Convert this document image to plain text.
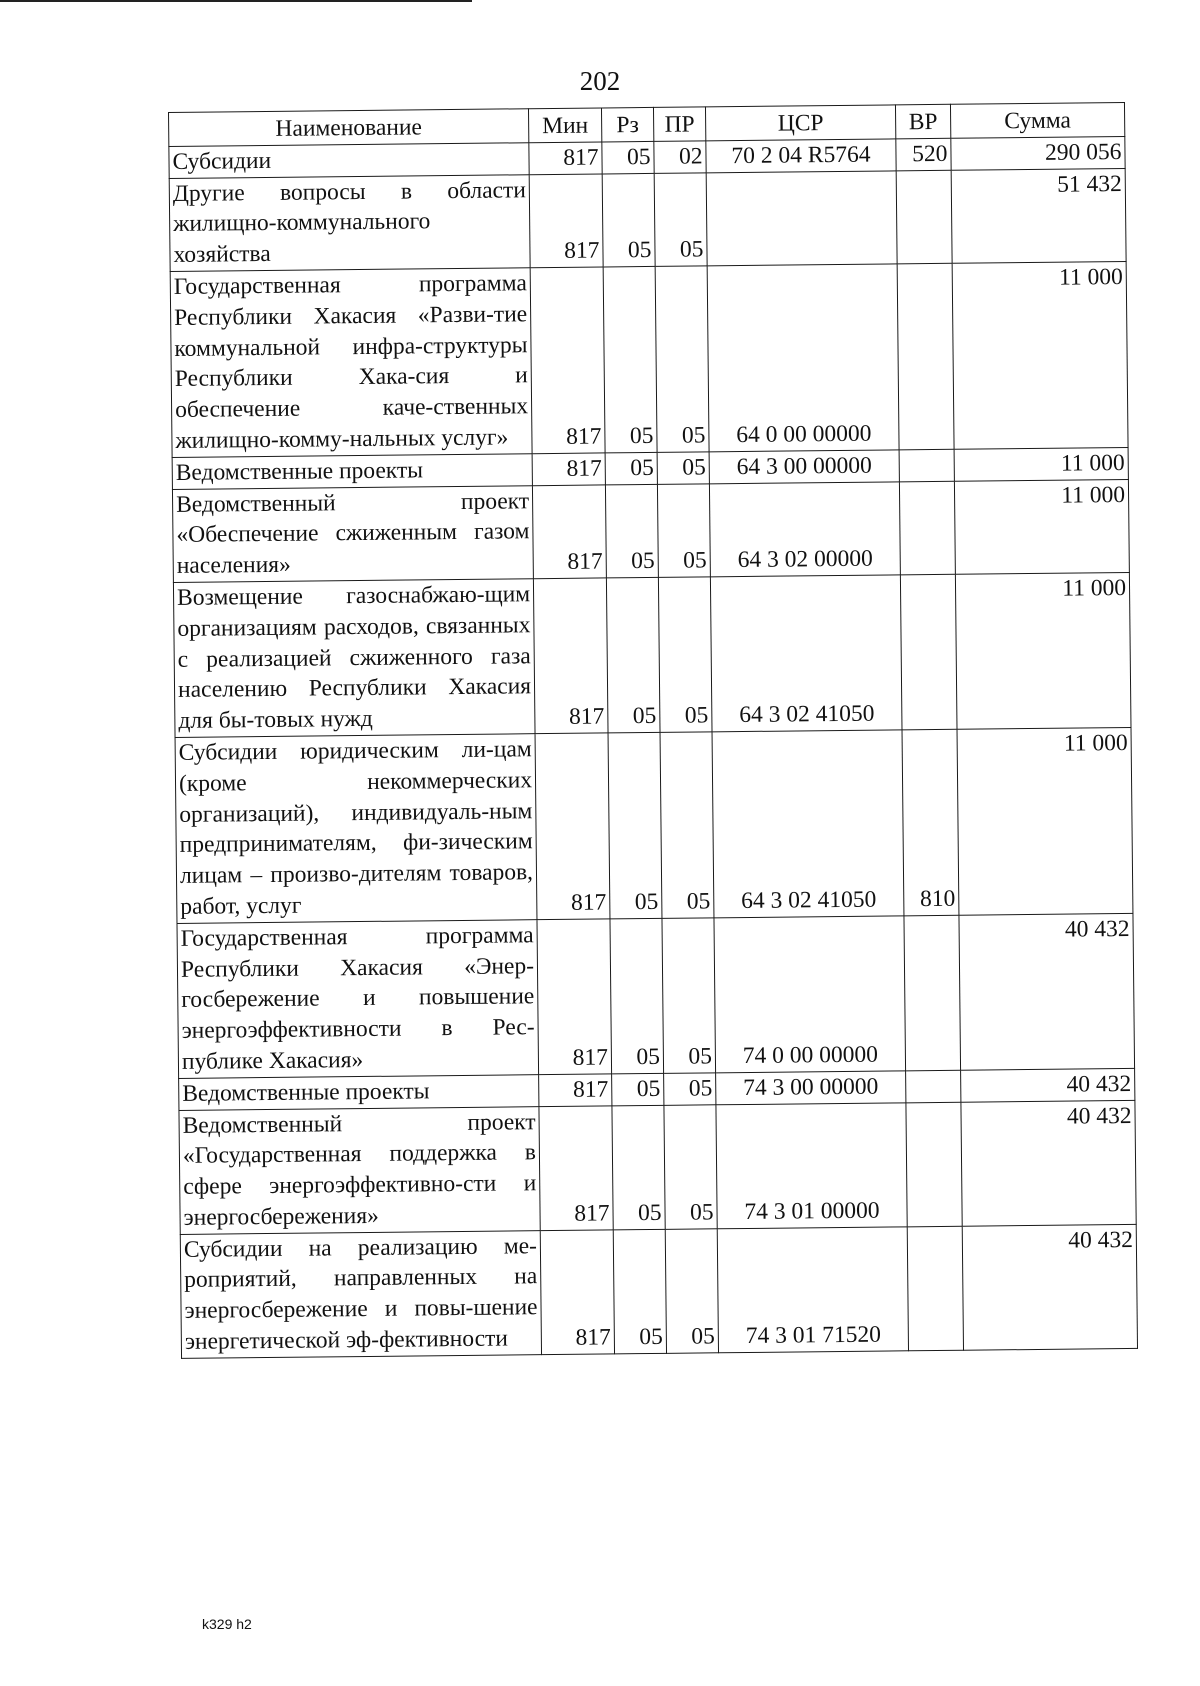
202
Наименование	Мин	Рз	ПР	ЦСР	ВР	Сумма
Субсидии	817	05	02	70 2 04 R5764	520	290 056
Другие вопросы в области жилищно-коммунального хозяйства	817	05	05			51 432
Государственная программа Республики Хакасия «Разви-тие коммунальной инфра-структуры Республики Хака-сия и обеспечение каче-ственных жилищно-комму-нальных услуг»	817	05	05	64 0 00 00000		11 000
Ведомственные проекты	817	05	05	64 3 00 00000		11 000
Ведомственный проект «Обеспечение сжиженным газом населения»	817	05	05	64 3 02 00000		11 000
Возмещение газоснабжаю-щим организациям расходов, связанных с реализацией сжиженного газа населению Республики Хакасия для бы-товых нужд	817	05	05	64 3 02 41050		11 000
Субсидии юридическим ли-цам (кроме некоммерческих организаций), индивидуаль-ным предпринимателям, фи-зическим лицам – произво-дителям товаров, работ, услуг	817	05	05	64 3 02 41050	810	11 000
Государственная программа Республики Хакасия «Энер-госбережение и повышение энергоэффективности в Рес-публике Хакасия»	817	05	05	74 0 00 00000		40 432
Ведомственные проекты	817	05	05	74 3 00 00000		40 432
Ведомственный проект «Государственная поддержка в сфере энергоэффективно-сти и энергосбережения»	817	05	05	74 3 01 00000		40 432
Субсидии на реализацию ме-роприятий, направленных на энергосбережение и повы-шение энергетической эф-фективности	817	05	05	74 3 01 71520		40 432
k329 h2
